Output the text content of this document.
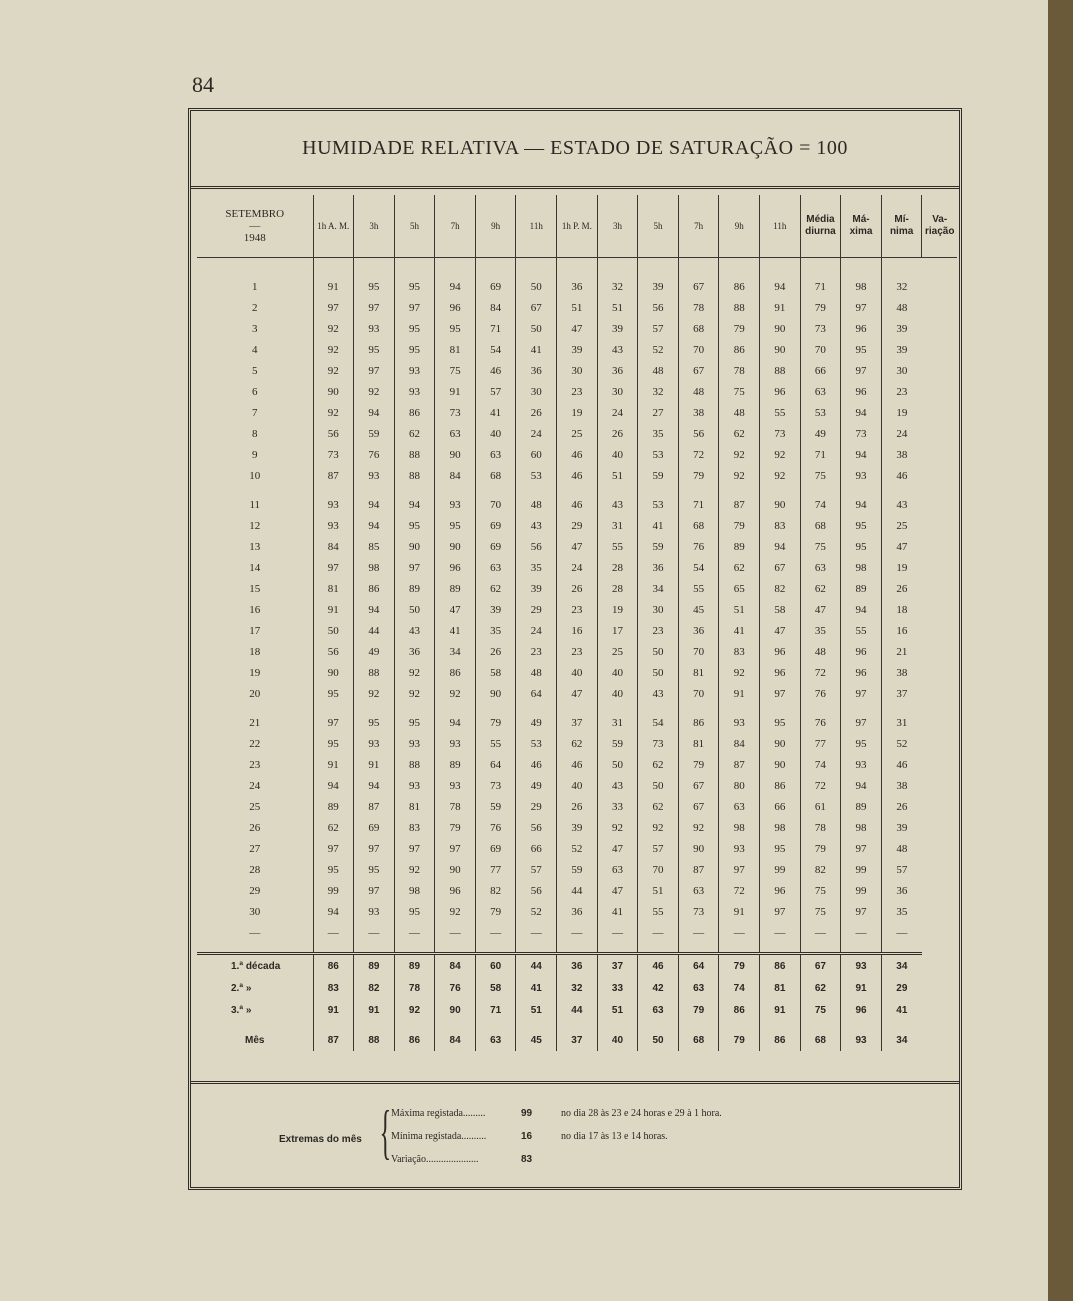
84
HUMIDADE RELATIVA — ESTADO DE SATURAÇÃO = 100
SETEMBRO
—
1948	1h A. M.	3h	5h	7h	9h	11h	1h P. M.	3h	5h	7h	9h	11h	Média diurna	Má- xima	Mí- nima	Va- riação

1	91	95	95	94	69	50	36	32	39	67	86	94	71	98	32	
2	97	97	97	96	84	67	51	51	56	78	88	91	79	97	48	
3	92	93	95	95	71	50	47	39	57	68	79	90	73	96	39	
4	92	95	95	81	54	41	39	43	52	70	86	90	70	95	39	
5	92	97	93	75	46	36	30	36	48	67	78	88	66	97	30	
6	90	92	93	91	57	30	23	30	32	48	75	96	63	96	23	
7	92	94	86	73	41	26	19	24	27	38	48	55	53	94	19	
8	56	59	62	63	40	24	25	26	35	56	62	73	49	73	24	
9	73	76	88	90	63	60	46	40	53	72	92	92	71	94	38	
10	87	93	88	84	68	53	46	51	59	79	92	92	75	93	46	

11	93	94	94	93	70	48	46	43	53	71	87	90	74	94	43	
12	93	94	95	95	69	43	29	31	41	68	79	83	68	95	25	
13	84	85	90	90	69	56	47	55	59	76	89	94	75	95	47	
14	97	98	97	96	63	35	24	28	36	54	62	67	63	98	19	
15	81	86	89	89	62	39	26	28	34	55	65	82	62	89	26	
16	91	94	50	47	39	29	23	19	30	45	51	58	47	94	18	
17	50	44	43	41	35	24	16	17	23	36	41	47	35	55	16	
18	56	49	36	34	26	23	23	25	50	70	83	96	48	96	21	
19	90	88	92	86	58	48	40	40	50	81	92	96	72	96	38	
20	95	92	92	92	90	64	47	40	43	70	91	97	76	97	37	

21	97	95	95	94	79	49	37	31	54	86	93	95	76	97	31	
22	95	93	93	93	55	53	62	59	73	81	84	90	77	95	52	
23	91	91	88	89	64	46	46	50	62	79	87	90	74	93	46	
24	94	94	93	93	73	49	40	43	50	67	80	86	72	94	38	
25	89	87	81	78	59	29	26	33	62	67	63	66	61	89	26	
26	62	69	83	79	76	56	39	92	92	92	98	98	78	98	39	
27	97	97	97	97	69	66	52	47	57	90	93	95	79	97	48	
28	95	95	92	90	77	57	59	63	70	87	97	99	82	99	57	
29	99	97	98	96	82	56	44	47	51	63	72	96	75	99	36	
30	94	93	95	92	79	52	36	41	55	73	91	97	75	97	35	
—	—	—	—	—	—	—	—	—	—	—	—	—	—	—	—	

1.ª década	86	89	89	84	60	44	36	37	46	64	79	86	67	93	34	
2.ª »	83	82	78	76	58	41	32	33	42	63	74	81	62	91	29	
3.ª »	91	91	92	90	71	51	44	51	63	79	86	91	75	96	41	

Mês	87	88	86	84	63	45	37	40	50	68	79	86	68	93	34	
Extremas do mês { Máxima registada.........	99	no dia 28 às 23 e 24 horas e 29 à 1 hora.
Mínima registada..........	16	no dia 17 às 13 e 14 horas.
Variação.....................	83
